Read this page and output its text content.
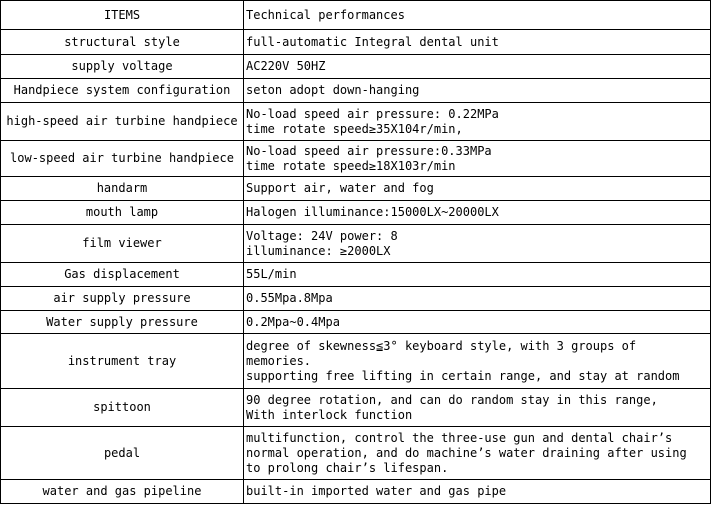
ITEMS	Technical performances
structural style	full-automatic Integral dental unit

supply voltage	AC220V 50HZ

Handpiece system configuration	seton adopt down-hanging

high-speed air turbine handpiece	No-load speed air pressure: 0.22MPa
time rotate speed≥35X104r/min,

low-speed air turbine handpiece	No-load speed air pressure:0.33MPa
time rotate speed≥18X103r/min

handarm	Support air, water and fog

mouth lamp	Halogen illuminance:15000LX~20000LX

film viewer	Voltage: 24V power: 8
illuminance: ≥2000LX

Gas displacement	55L/min

air supply pressure	0.55Mpa.8Mpa

Water supply pressure	0.2Mpa~0.4Mpa

instrument tray	degree of skewness≦3° keyboard style, with 3 groups of memories.
supporting free lifting in certain range, and stay at random

spittoon	90 degree rotation, and can do random stay in this range,
With interlock function

pedal	multifunction, control the three-use gun and dental chair’s normal operation, and do machine’s water draining after using to prolong chair’s lifespan.

water and gas pipeline	built-in imported water and gas pipe
